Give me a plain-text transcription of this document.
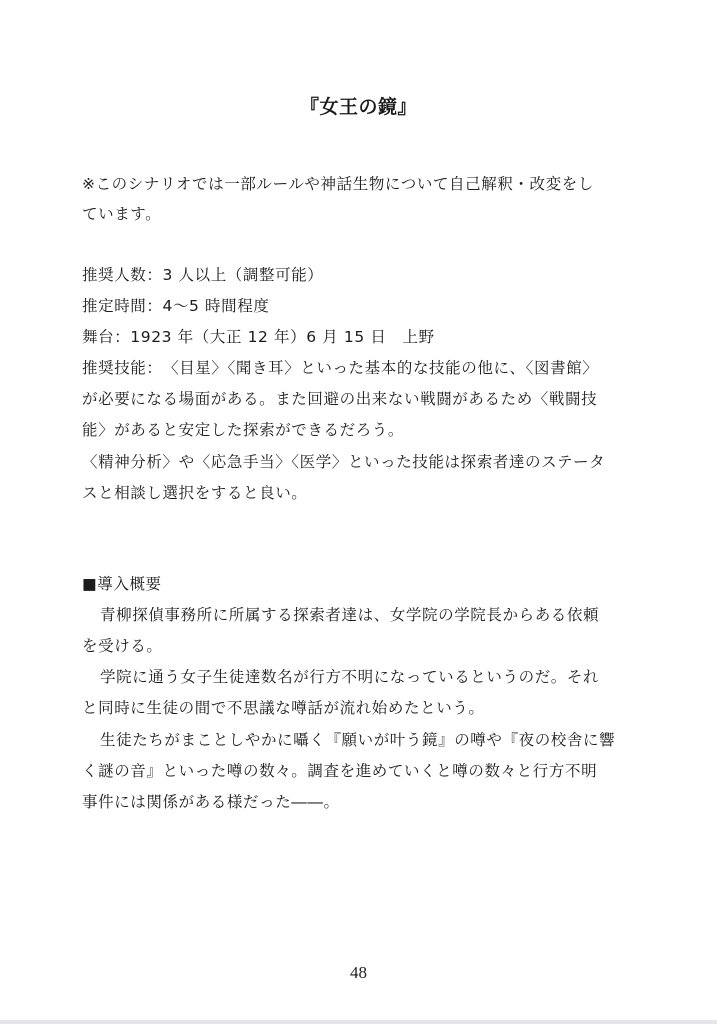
『女王の鏡』
※このシナリオでは一部ルールや神話生物について自己解釈・改変をし
ています。
推奨人数：3 人以上（調整可能）
推定時間：4〜5 時間程度
舞台：1923 年（大正 12 年）6 月 15 日　上野
推奨技能：　〈目星〉〈聞き耳〉といった基本的な技能の他に、〈図書館〉
が必要になる場面がある。また回避の出来ない戦闘があるため〈戦闘技
能〉があると安定した探索ができるだろう。
〈精神分析〉や〈応急手当〉〈医学〉といった技能は探索者達のステータ
スと相談し選択をすると良い。
■導入概要
青柳探偵事務所に所属する探索者達は、女学院の学院長からある依頼
を受ける。
学院に通う女子生徒達数名が行方不明になっているというのだ。それ
と同時に生徒の間で不思議な噂話が流れ始めたという。
生徒たちがまことしやかに囁く『願いが叶う鏡』の噂や『夜の校舎に響
く謎の音』といった噂の数々。調査を進めていくと噂の数々と行方不明
事件には関係がある様だった――。
48
